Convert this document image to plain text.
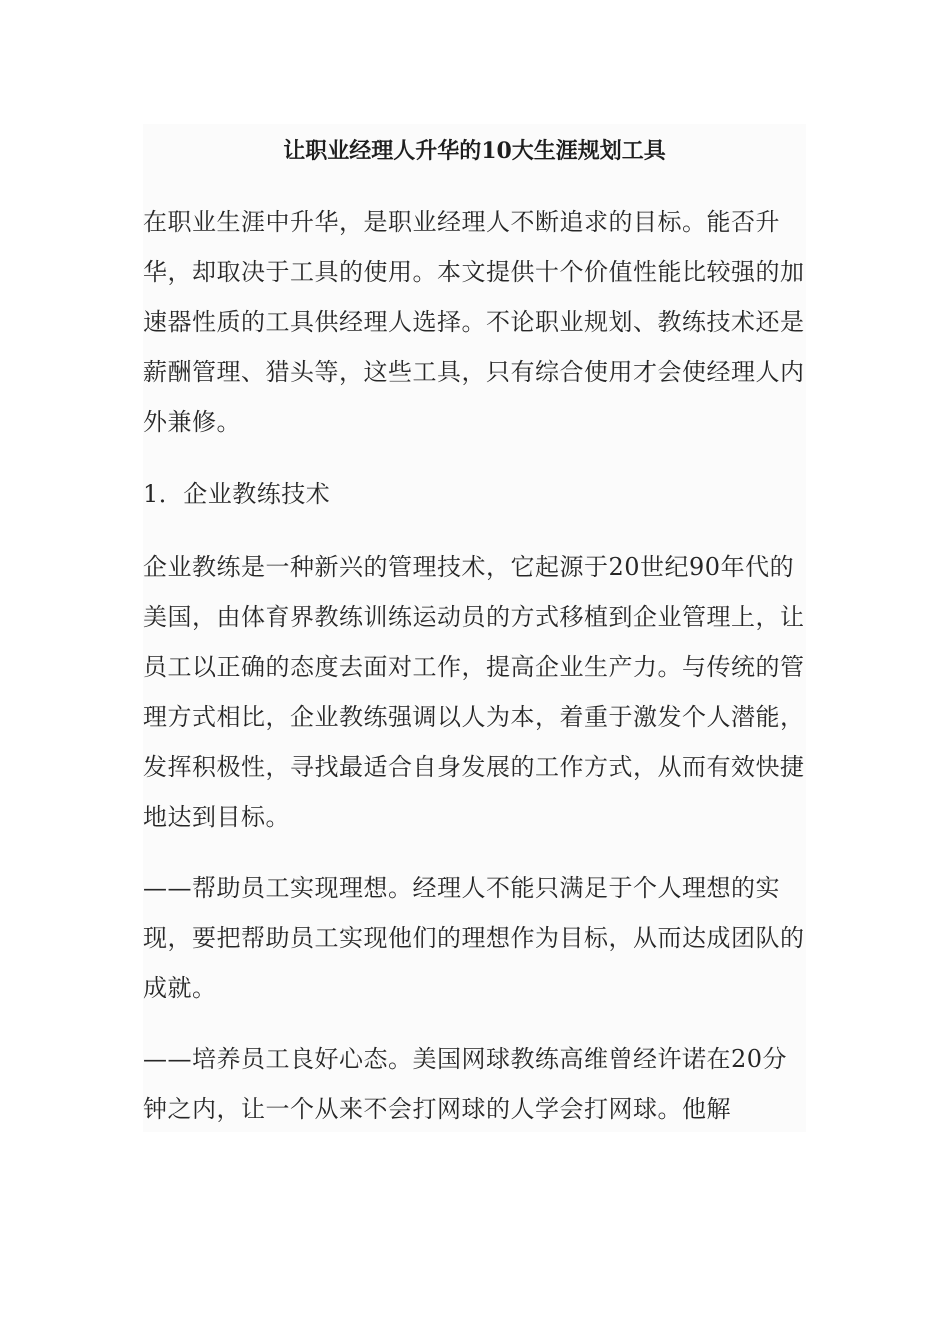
让职业经理人升华的10大生涯规划工具

在职业生涯中升华，是职业经理人不断追求的目标。能否升华，却取决于工具的使用。本文提供十个价值性能比较强的加速器性质的工具供经理人选择。不论职业规划、教练技术还是薪酬管理、猎头等，这些工具，只有综合使用才会使经理人内外兼修。

1．企业教练技术

企业教练是一种新兴的管理技术，它起源于20世纪90年代的美国，由体育界教练训练运动员的方式移植到企业管理上，让员工以正确的态度去面对工作，提高企业生产力。与传统的管理方式相比，企业教练强调以人为本，着重于激发个人潜能，发挥积极性，寻找最适合自身发展的工作方式，从而有效快捷地达到目标。

——帮助员工实现理想。经理人不能只满足于个人理想的实现，要把帮助员工实现他们的理想作为目标，从而达成团队的成就。

——培养员工良好心态。美国网球教练高维曾经许诺在20分钟之内，让一个从来不会打网球的人学会打网球。他解
